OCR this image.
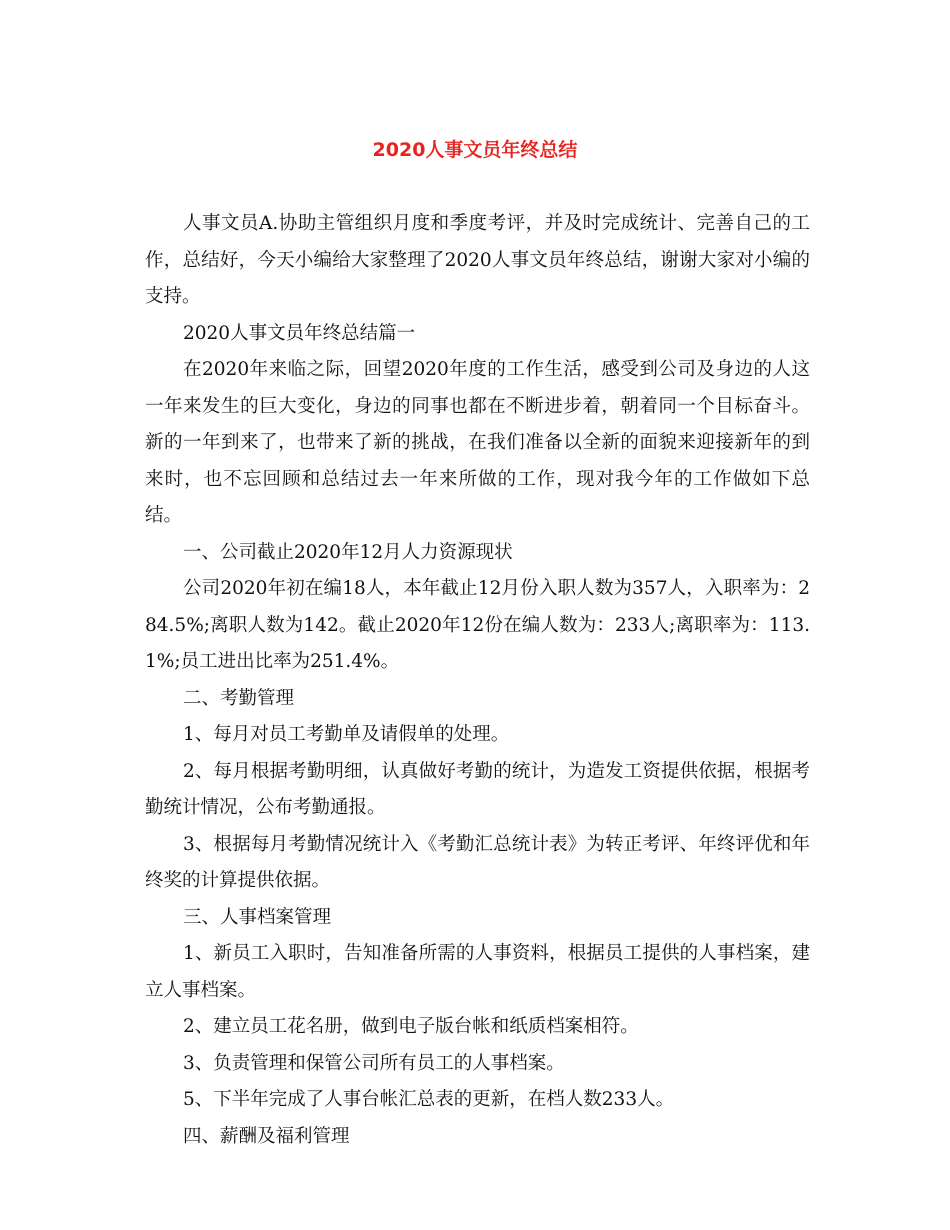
2020人事文员年终总结

人事文员A.协助主管组织月度和季度考评，并及时完成统计、完善自己的工作，总结好，今天小编给大家整理了2020人事文员年终总结，谢谢大家对小编的支持。

2020人事文员年终总结篇一

在2020年来临之际，回望2020年度的工作生活，感受到公司及身边的人这一年来发生的巨大变化，身边的同事也都在不断进步着，朝着同一个目标奋斗。新的一年到来了，也带来了新的挑战，在我们准备以全新的面貌来迎接新年的到来时，也不忘回顾和总结过去一年来所做的工作，现对我今年的工作做如下总结。

一、公司截止2020年12月人力资源现状

公司2020年初在编18人，本年截止12月份入职人数为357人，入职率为：284.5%;离职人数为142。截止2020年12份在编人数为：233人;离职率为：113.1%;员工进出比率为251.4%。

二、考勤管理

1、每月对员工考勤单及请假单的处理。

2、每月根据考勤明细，认真做好考勤的统计，为造发工资提供依据，根据考勤统计情况，公布考勤通报。

3、根据每月考勤情况统计入《考勤汇总统计表》为转正考评、年终评优和年终奖的计算提供依据。

三、人事档案管理

1、新员工入职时，告知准备所需的人事资料，根据员工提供的人事档案，建立人事档案。

2、建立员工花名册，做到电子版台帐和纸质档案相符。

3、负责管理和保管公司所有员工的人事档案。

5、下半年完成了人事台帐汇总表的更新，在档人数233人。

四、薪酬及福利管理
